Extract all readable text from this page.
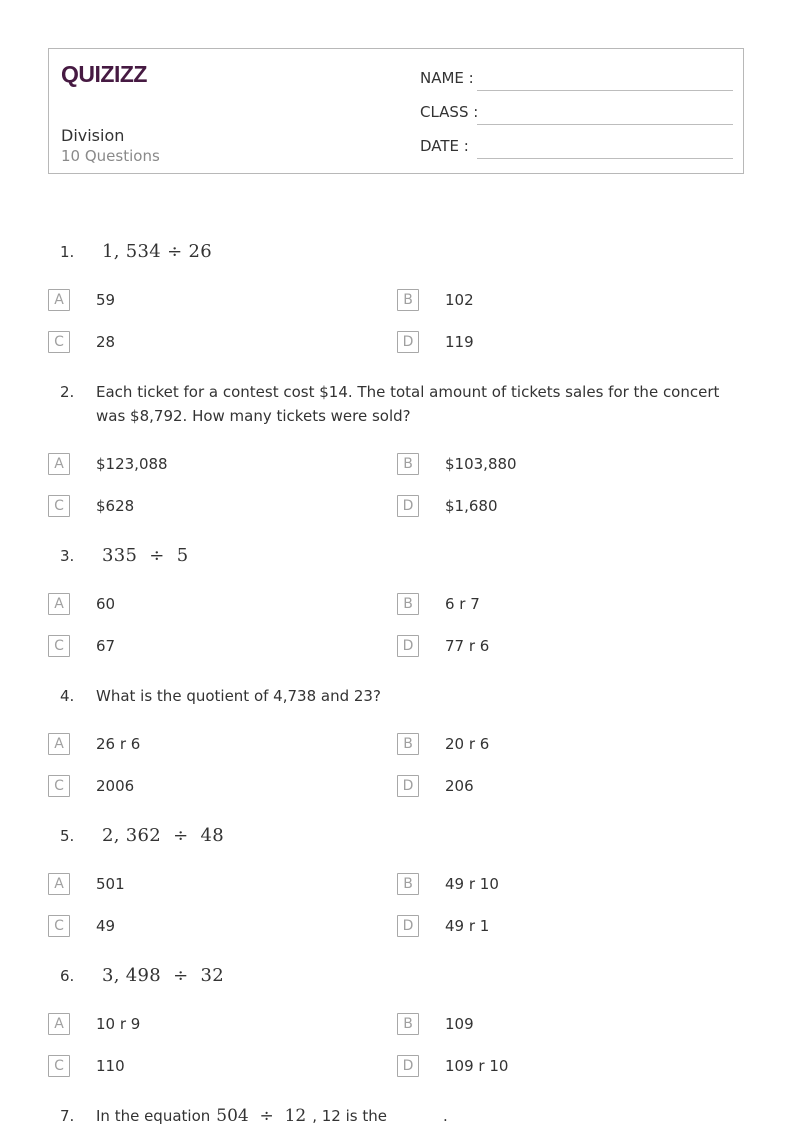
QUIZIZZ
Division
10 Questions
NAME :
CLASS :
DATE :
1. 1, 534 ÷ 26
A	59	B	102
C	28	D	119
2. Each ticket for a contest cost $14. The total amount of tickets sales for the concert was $8,792. How many tickets were sold?
A	$123,088	B	$103,880
C	$628	D	$1,680
3. 335  ÷  5
A	60	B	6 r 7
C	67	D	77 r 6
4. What is the quotient of 4,738 and 23?
A	26 r 6	B	20 r 6
C	2006	D	206
5. 2, 362  ÷  48
A	501	B	49 r 10
C	49	D	49 r 1
6. 3, 498  ÷  32
A	10 r 9	B	109
C	110	D	109 r 10
7. In the equation 504  ÷  12 , 12 is the	.
